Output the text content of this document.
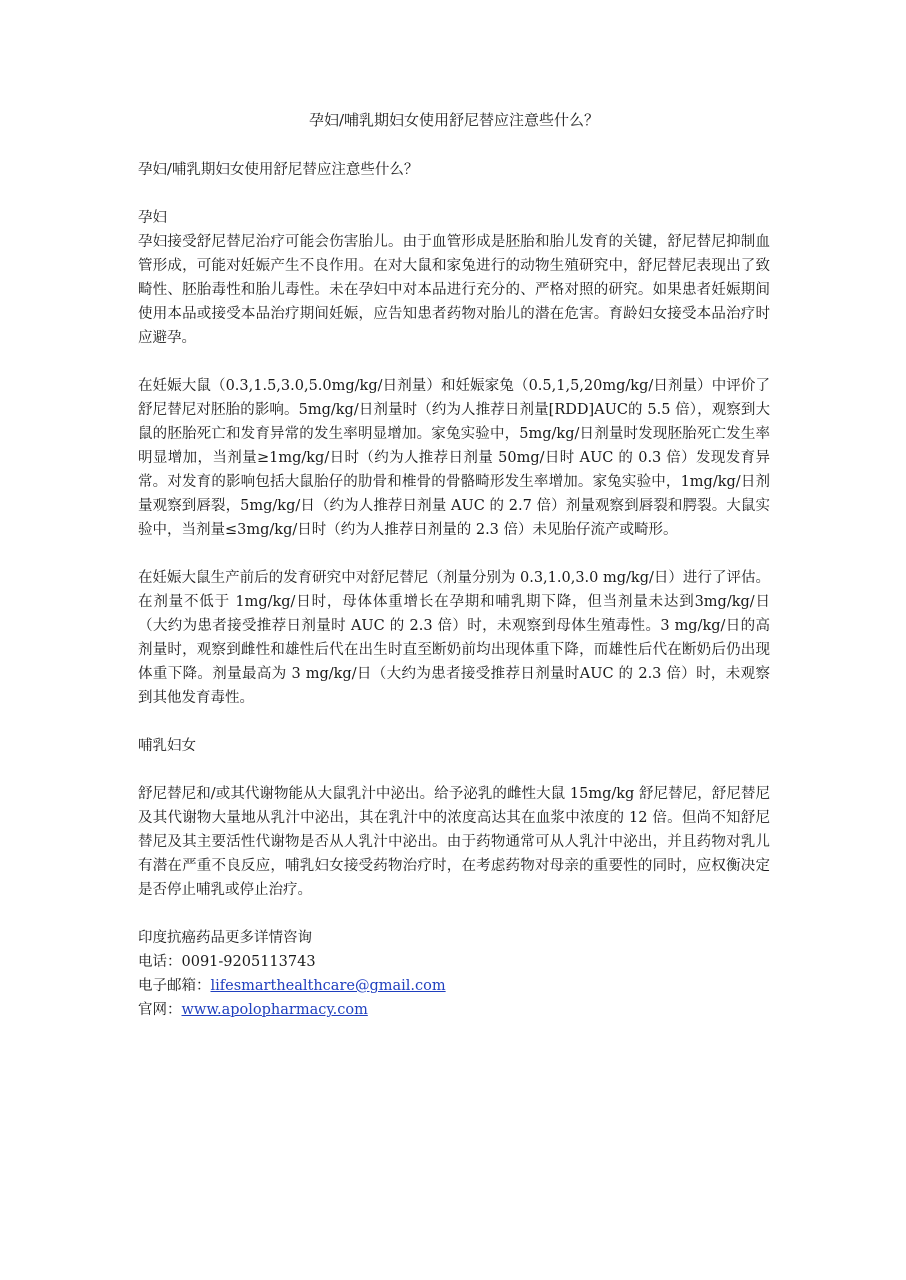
孕妇/哺乳期妇女使用舒尼替应注意些什么？

孕妇/哺乳期妇女使用舒尼替应注意些什么？

孕妇

孕妇接受舒尼替尼治疗可能会伤害胎儿。由于血管形成是胚胎和胎儿发育的关键，舒尼替尼抑制血管形成，可能对妊娠产生不良作用。在对大鼠和家兔进行的动物生殖研究中，舒尼替尼表现出了致畸性、胚胎毒性和胎儿毒性。未在孕妇中对本品进行充分的、严格对照的研究。如果患者妊娠期间使用本品或接受本品治疗期间妊娠，应告知患者药物对胎儿的潜在危害。育龄妇女接受本品治疗时应避孕。

在妊娠大鼠（0.3,1.5,3.0,5.0mg/kg/日剂量）和妊娠家兔（0.5,1,5,20mg/kg/日剂量）中评价了舒尼替尼对胚胎的影响。5mg/kg/日剂量时（约为人推荐日剂量[RDD]AUC的 5.5 倍），观察到大鼠的胚胎死亡和发育异常的发生率明显增加。家兔实验中，5mg/kg/日剂量时发现胚胎死亡发生率明显增加，当剂量≥1mg/kg/日时（约为人推荐日剂量 50mg/日时 AUC 的 0.3 倍）发现发育异常。对发育的影响包括大鼠胎仔的肋骨和椎骨的骨骼畸形发生率增加。家兔实验中，1mg/kg/日剂量观察到唇裂，5mg/kg/日（约为人推荐日剂量 AUC 的 2.7 倍）剂量观察到唇裂和腭裂。大鼠实验中，当剂量≤3mg/kg/日时（约为人推荐日剂量的 2.3 倍）未见胎仔流产或畸形。

在妊娠大鼠生产前后的发育研究中对舒尼替尼（剂量分别为 0.3,1.0,3.0 mg/kg/日）进行了评估。在剂量不低于 1mg/kg/日时，母体体重增长在孕期和哺乳期下降，但当剂量未达到3mg/kg/日（大约为患者接受推荐日剂量时 AUC 的 2.3 倍）时，未观察到母体生殖毒性。3 mg/kg/日的高剂量时，观察到雌性和雄性后代在出生时直至断奶前均出现体重下降，而雄性后代在断奶后仍出现体重下降。剂量最高为 3 mg/kg/日（大约为患者接受推荐日剂量时AUC 的 2.3 倍）时，未观察到其他发育毒性。

哺乳妇女

舒尼替尼和/或其代谢物能从大鼠乳汁中泌出。给予泌乳的雌性大鼠 15mg/kg 舒尼替尼，舒尼替尼及其代谢物大量地从乳汁中泌出，其在乳汁中的浓度高达其在血浆中浓度的 12 倍。但尚不知舒尼替尼及其主要活性代谢物是否从人乳汁中泌出。由于药物通常可从人乳汁中泌出，并且药物对乳儿有潜在严重不良反应，哺乳妇女接受药物治疗时，在考虑药物对母亲的重要性的同时，应权衡决定是否停止哺乳或停止治疗。

印度抗癌药品更多详情咨询

电话：0091-9205113743

电子邮箱：lifesmarthealthcare@gmail.com

官网：www.apolopharmacy.com
